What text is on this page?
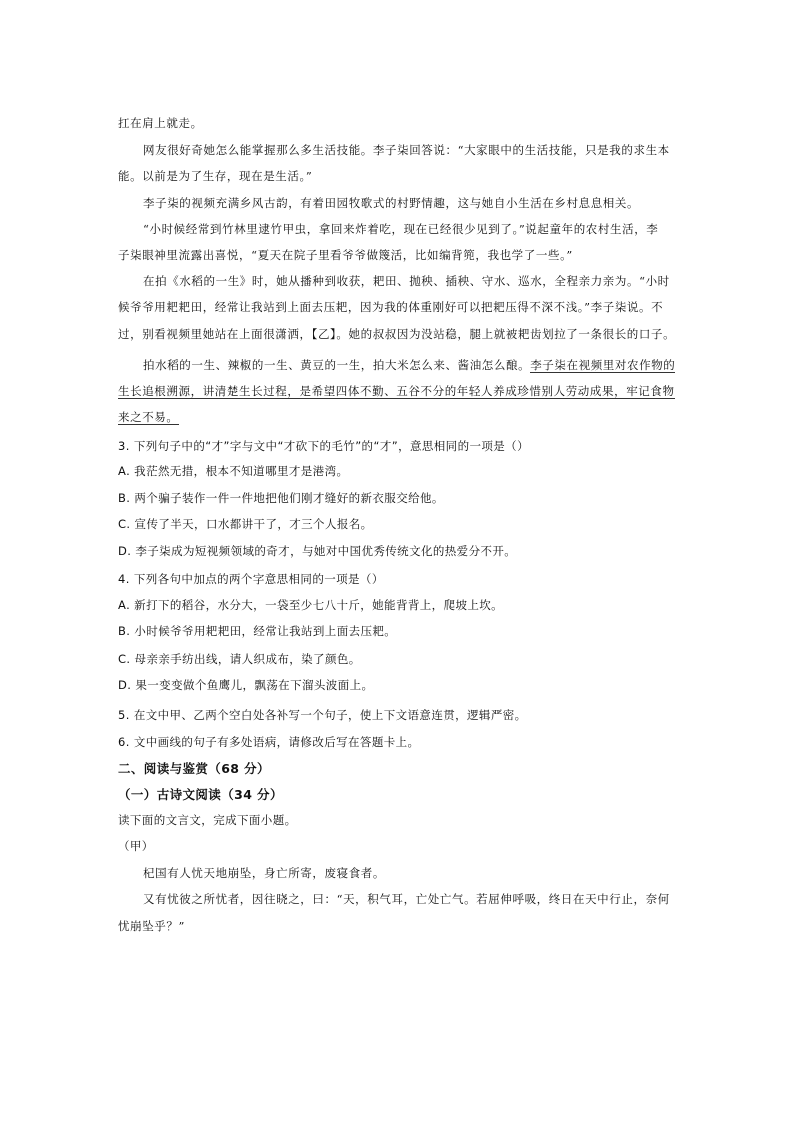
扛在肩上就走。
网友很好奇她怎么能掌握那么多生活技能。李子柒回答说：“大家眼中的生活技能，只是我的求生本
能。以前是为了生存，现在是生活。”
李子柒的视频充满乡风古韵，有着田园牧歌式的村野情趣，这与她自小生活在乡村息息相关。
“小时候经常到竹林里逮竹甲虫，拿回来炸着吃，现在已经很少见到了。”说起童年的农村生活，李
子柒眼神里流露出喜悦，“夏天在院子里看爷爷做篾活，比如编背篼，我也学了一些。”
在拍《水稻的一生》时，她从播种到收获，耙田、抛秧、插秧、守水、巡水，全程亲力亲为。“小时
候爷爷用耙耙田，经常让我站到上面去压耙，因为我的体重刚好可以把耙压得不深不浅。”李子柒说。不
过，别看视频里她站在上面很潇洒，【乙】。她的叔叔因为没站稳，腿上就被耙齿划拉了一条很长的口子。
拍水稻的一生、辣椒的一生、黄豆的一生，拍大米怎么来、酱油怎么酿。李子柒在视频里对农作物的
生长追根溯源，讲清楚生长过程，是希望四体不勤、五谷不分的年轻人养成珍惜别人劳动成果，牢记食物
来之不易。
3. 下列句子中的“才”字与文中“才砍下的毛竹”的“才”，意思相同的一项是（）
A. 我茫然无措，根本不知道哪里才是港湾。
B. 两个骗子装作一件一件地把他们刚才缝好的新衣服交给他。
C. 宣传了半天，口水都讲干了，才三个人报名。
D. 李子柒成为短视频领域的奇才，与她对中国优秀传统文化的热爱分不开。
4. 下列各句中加点的两个字意思相同的一项是（）
A. 新打下的稻谷，水分大，一袋至少七八十斤，她能背背上，爬坡上坎。
B. 小时候爷爷用耙耙田，经常让我站到上面去压耙。
C. 母亲亲手纺出线，请人织成布，染了颜色。
D. 果一变变做个鱼鹰儿，飘荡在下溜头波面上。
5. 在文中甲、乙两个空白处各补写一个句子，使上下文语意连贯，逻辑严密。
6. 文中画线的句子有多处语病，请修改后写在答题卡上。
二、阅读与鉴赏（68 分）
（一）古诗文阅读（34 分）
读下面的文言文，完成下面小题。
（甲）
杞国有人忧天地崩坠，身亡所寄，废寝食者。
又有忧彼之所忧者，因往晓之，曰：“天，积气耳，亡处亡气。若屈伸呼吸，终日在天中行止，奈何
忧崩坠乎？”
